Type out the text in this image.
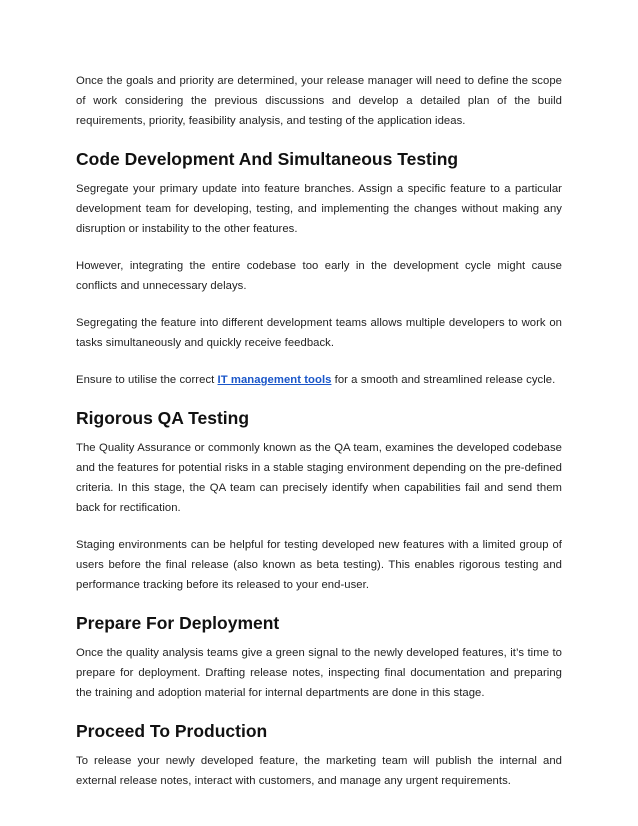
Once the goals and priority are determined, your release manager will need to define the scope of work considering the previous discussions and develop a detailed plan of the build requirements, priority, feasibility analysis, and testing of the application ideas.

Code Development And Simultaneous Testing

Segregate your primary update into feature branches. Assign a specific feature to a particular development team for developing, testing, and implementing the changes without making any disruption or instability to the other features.

However, integrating the entire codebase too early in the development cycle might cause conflicts and unnecessary delays.

Segregating the feature into different development teams allows multiple developers to work on tasks simultaneously and quickly receive feedback.

Ensure to utilise the correct IT management tools for a smooth and streamlined release cycle.

Rigorous QA Testing

The Quality Assurance or commonly known as the QA team, examines the developed codebase and the features for potential risks in a stable staging environment depending on the pre-defined criteria. In this stage, the QA team can precisely identify when capabilities fail and send them back for rectification.

Staging environments can be helpful for testing developed new features with a limited group of users before the final release (also known as beta testing). This enables rigorous testing and performance tracking before its released to your end-user.

Prepare For Deployment

Once the quality analysis teams give a green signal to the newly developed features, it’s time to prepare for deployment. Drafting release notes, inspecting final documentation and preparing the training and adoption material for internal departments are done in this stage.

Proceed To Production

To release your newly developed feature, the marketing team will publish the internal and external release notes, interact with customers, and manage any urgent requirements.
